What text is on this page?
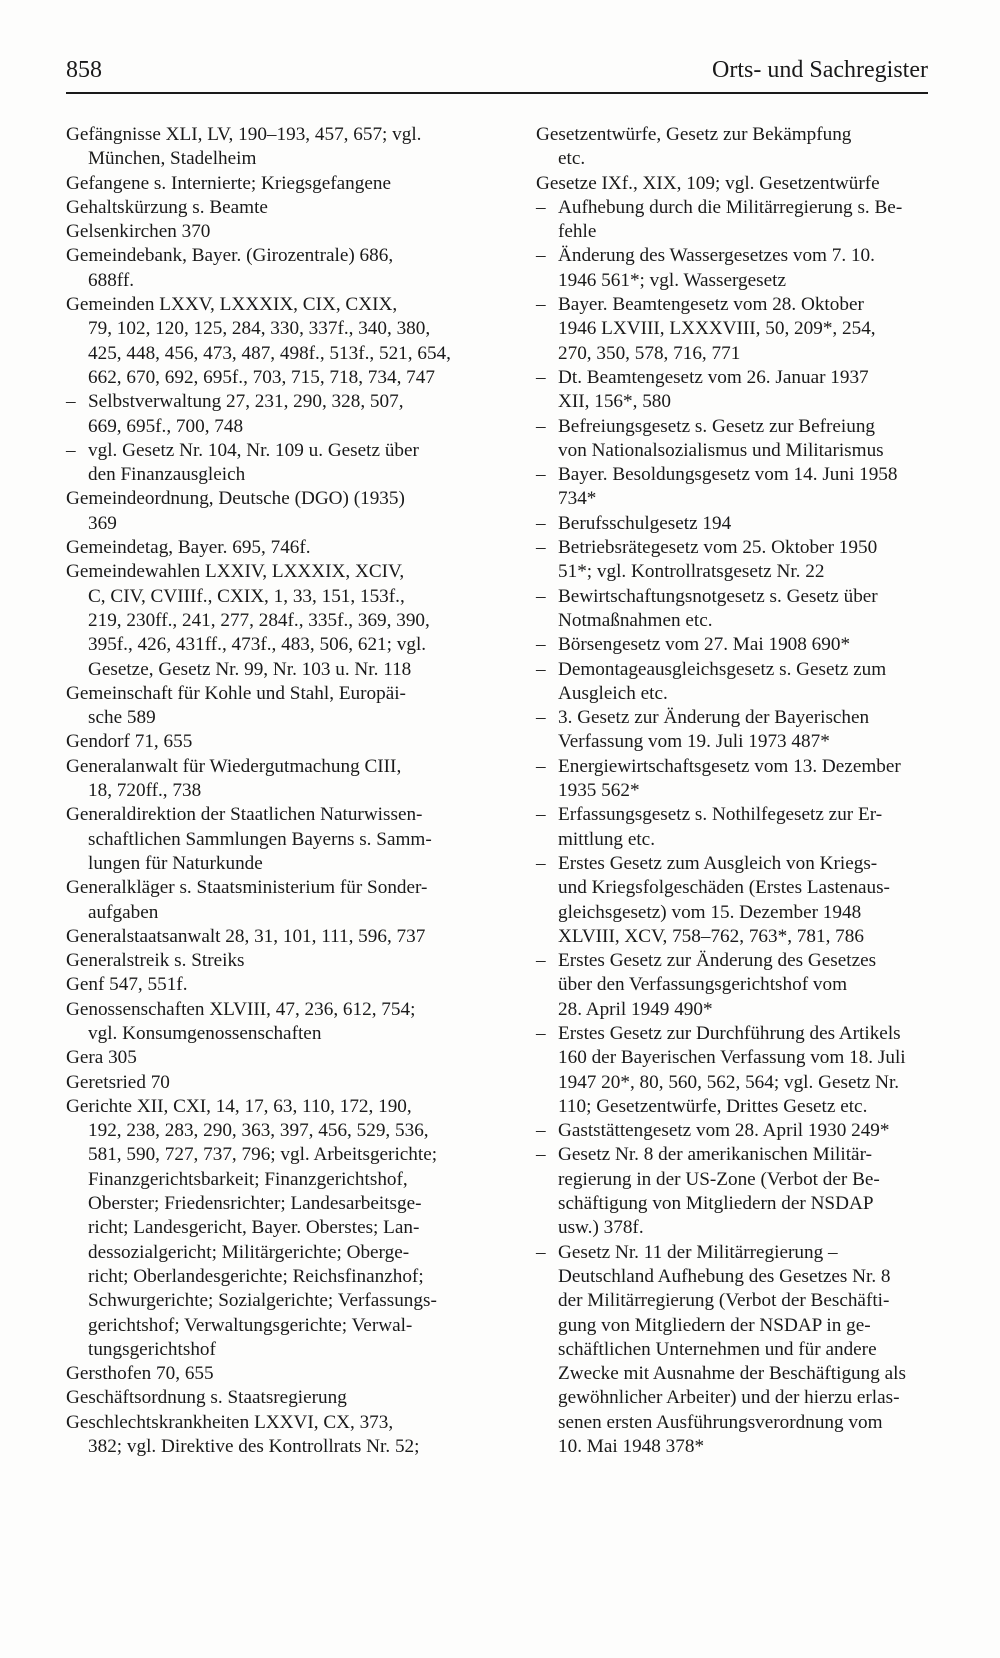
858	Orts- und Sachregister

Gefängnisse XLI, LV, 190–193, 457, 657; vgl.
München, Stadelheim

Gefangene s. Internierte; Kriegsgefangene

Gehaltskürzung s. Beamte

Gelsenkirchen 370

Gemeindebank, Bayer. (Girozentrale) 686,
688ff.

Gemeinden LXXV, LXXXIX, CIX, CXIX,
79, 102, 120, 125, 284, 330, 337f., 340, 380,
425, 448, 456, 473, 487, 498f., 513f., 521, 654,
662, 670, 692, 695f., 703, 715, 718, 734, 747

– Selbstverwaltung 27, 231, 290, 328, 507,
669, 695f., 700, 748

– vgl. Gesetz Nr. 104, Nr. 109 u. Gesetz über
den Finanzausgleich

Gemeindeordnung, Deutsche (DGO) (1935)
369

Gemeindetag, Bayer. 695, 746f.

Gemeindewahlen LXXIV, LXXXIX, XCIV,
C, CIV, CVIIIf., CXIX, 1, 33, 151, 153f.,
219, 230ff., 241, 277, 284f., 335f., 369, 390,
395f., 426, 431ff., 473f., 483, 506, 621; vgl.
Gesetze, Gesetz Nr. 99, Nr. 103 u. Nr. 118

Gemeinschaft für Kohle und Stahl, Europäi-
sche 589

Gendorf 71, 655

Generalanwalt für Wiedergutmachung CIII,
18, 720ff., 738

Generaldirektion der Staatlichen Naturwissen-
schaftlichen Sammlungen Bayerns s. Samm-
lungen für Naturkunde

Generalkläger s. Staatsministerium für Sonder-
aufgaben

Generalstaatsanwalt 28, 31, 101, 111, 596, 737

Generalstreik s. Streiks

Genf 547, 551f.

Genossenschaften XLVIII, 47, 236, 612, 754;
vgl. Konsumgenossenschaften

Gera 305

Geretsried 70

Gerichte XII, CXI, 14, 17, 63, 110, 172, 190,
192, 238, 283, 290, 363, 397, 456, 529, 536,
581, 590, 727, 737, 796; vgl. Arbeitsgerichte;
Finanzgerichtsbarkeit; Finanzgerichtshof,
Oberster; Friedensrichter; Landesarbeitsge-
richt; Landesgericht, Bayer. Oberstes; Lan-
dessozialgericht; Militärgerichte; Oberge-
richt; Oberlandesgerichte; Reichsfinanzhof;
Schwurgerichte; Sozialgerichte; Verfassungs-
gerichtshof; Verwaltungsgerichte; Verwal-
tungsgerichtshof

Gersthofen 70, 655

Geschäftsordnung s. Staatsregierung

Geschlechtskrankheiten LXXVI, CX, 373,
382; vgl. Direktive des Kontrollrats Nr. 52;

Gesetzentwürfe, Gesetz zur Bekämpfung
etc.

Gesetze IXf., XIX, 109; vgl. Gesetzentwürfe

– Aufhebung durch die Militärregierung s. Be-
fehle

– Änderung des Wassergesetzes vom 7. 10.
1946 561*; vgl. Wassergesetz

– Bayer. Beamtengesetz vom 28. Oktober
1946 LXVIII, LXXXVIII, 50, 209*, 254,
270, 350, 578, 716, 771

– Dt. Beamtengesetz vom 26. Januar 1937
XII, 156*, 580

– Befreiungsgesetz s. Gesetz zur Befreiung
von Nationalsozialismus und Militarismus

– Bayer. Besoldungsgesetz vom 14. Juni 1958
734*

– Berufsschulgesetz 194

– Betriebsrätegesetz vom 25. Oktober 1950
51*; vgl. Kontrollratsgesetz Nr. 22

– Bewirtschaftungsnotgesetz s. Gesetz über
Notmaßnahmen etc.

– Börsengesetz vom 27. Mai 1908 690*

– Demontageausgleichsgesetz s. Gesetz zum
Ausgleich etc.

– 3. Gesetz zur Änderung der Bayerischen
Verfassung vom 19. Juli 1973 487*

– Energiewirtschaftsgesetz vom 13. Dezember
1935 562*

– Erfassungsgesetz s. Nothilfegesetz zur Er-
mittlung etc.

– Erstes Gesetz zum Ausgleich von Kriegs-
und Kriegsfolgeschäden (Erstes Lastenaus-
gleichsgesetz) vom 15. Dezember 1948
XLVIII, XCV, 758–762, 763*, 781, 786

– Erstes Gesetz zur Änderung des Gesetzes
über den Verfassungsgerichtshof vom
28. April 1949 490*

– Erstes Gesetz zur Durchführung des Artikels
160 der Bayerischen Verfassung vom 18. Juli
1947 20*, 80, 560, 562, 564; vgl. Gesetz Nr.
110; Gesetzentwürfe, Drittes Gesetz etc.

– Gaststättengesetz vom 28. April 1930 249*

– Gesetz Nr. 8 der amerikanischen Militär-
regierung in der US-Zone (Verbot der Be-
schäftigung von Mitgliedern der NSDAP
usw.) 378f.

– Gesetz Nr. 11 der Militärregierung –
Deutschland Aufhebung des Gesetzes Nr. 8
der Militärregierung (Verbot der Beschäfti-
gung von Mitgliedern der NSDAP in ge-
schäftlichen Unternehmen und für andere
Zwecke mit Ausnahme der Beschäftigung als
gewöhnlicher Arbeiter) und der hierzu erlas-
senen ersten Ausführungsverordnung vom
10. Mai 1948 378*
